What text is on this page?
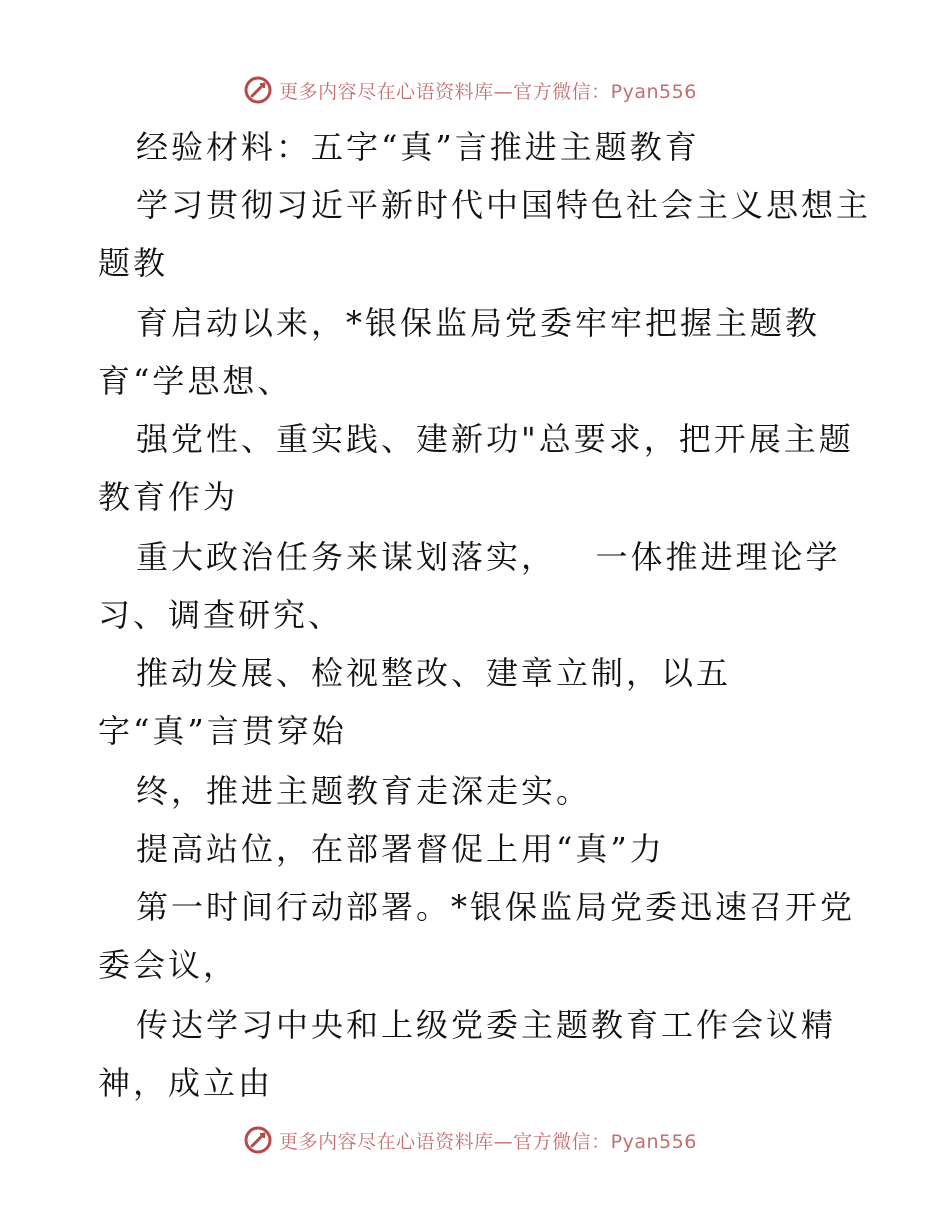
更多内容尽在心语资料库—官方微信：Pyan556
经验材料：五字“真”言推进主题教育
学习贯彻习近平新时代中国特色社会主义思想主
题教
育启动以来，*银保监局党委牢牢把握主题教
育“学思想、
强党性、重实践、建新功"总要求，把开展主题
教育作为
重大政治任务来谋划落实，   一体推进理论学
习、调查研究、
推动发展、检视整改、建章立制，以五
字“真”言贯穿始
终，推进主题教育走深走实。
提高站位，在部署督促上用“真”力
第一时间行动部署。*银保监局党委迅速召开党
委会议，
传达学习中央和上级党委主题教育工作会议精
神，成立由
更多内容尽在心语资料库—官方微信：Pyan556
